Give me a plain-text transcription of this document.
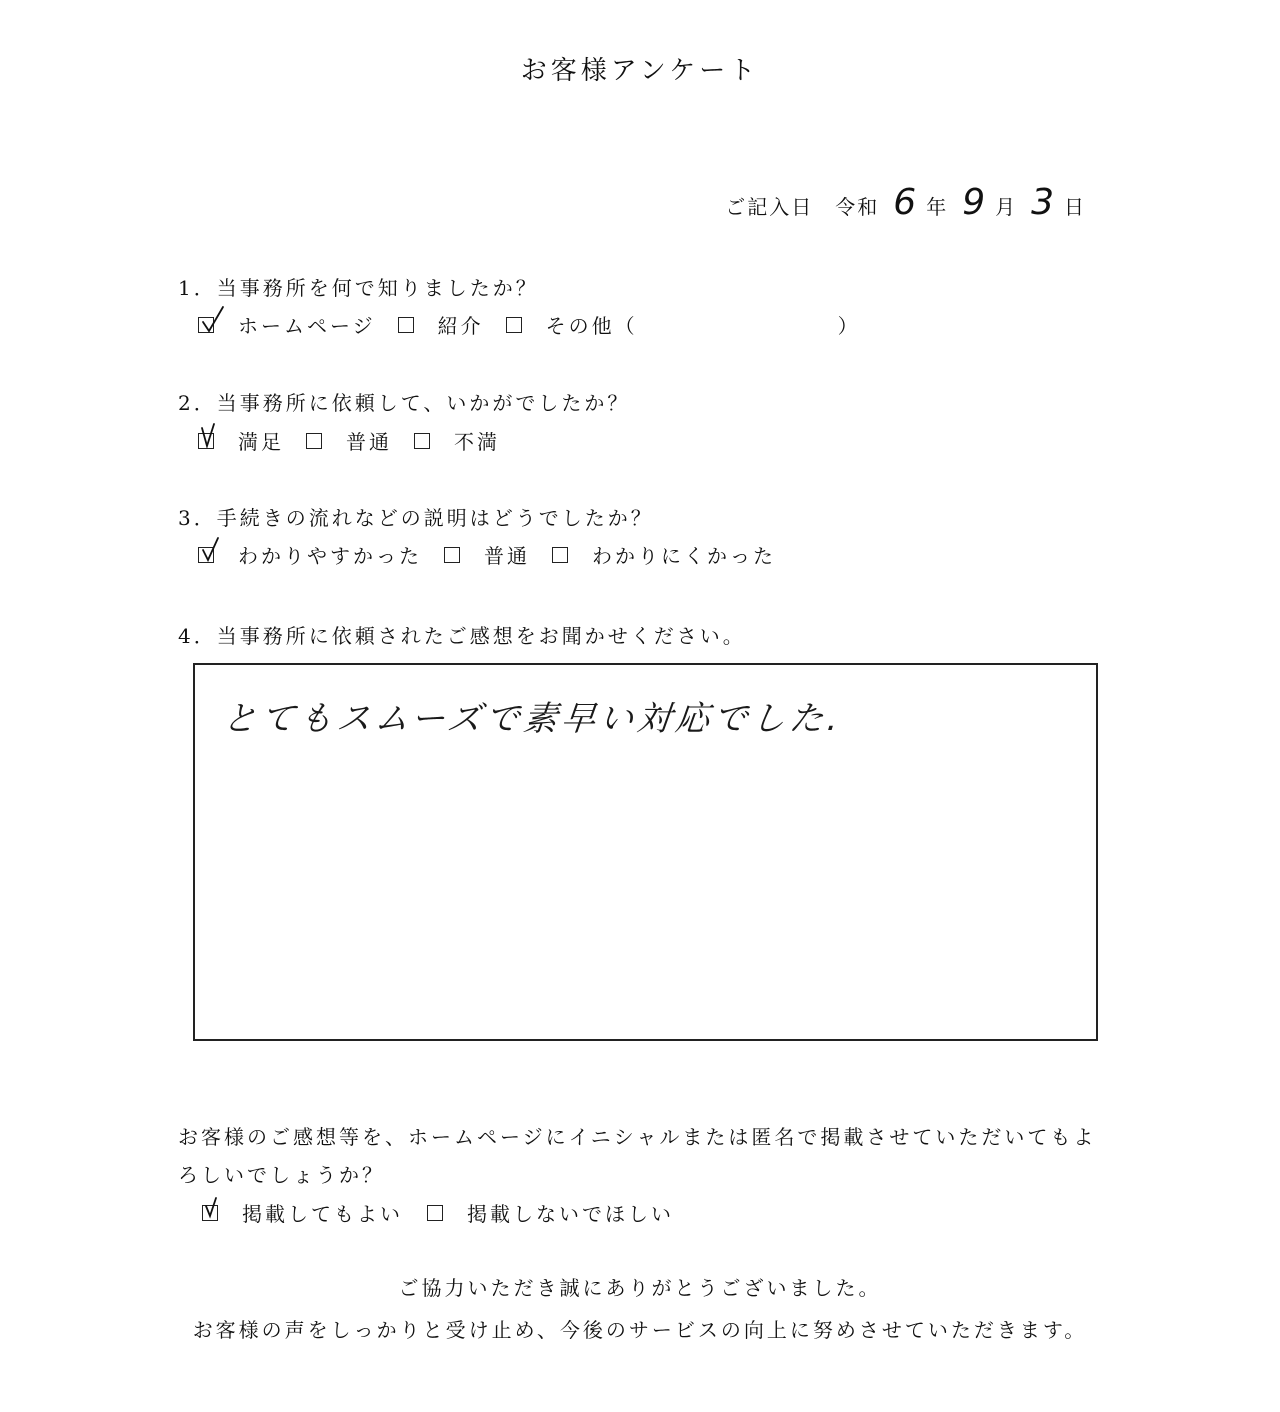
お客様アンケート
ご記入日 令和 6 年 9 月 3 日
1．当事務所を何で知りましたか？
ホームページ	紹介	その他（	）
2．当事務所に依頼して、いかがでしたか？
満足	普通	不満
3．手続きの流れなどの説明はどうでしたか？
わかりやすかった	普通	わかりにくかった
4．当事務所に依頼されたご感想をお聞かせください。
とてもスムーズで素早い対応でした.
お客様のご感想等を、ホームページにイニシャルまたは匿名で掲載させていただいてもよろしいでしょうか？
掲載してもよい	掲載しないでほしい
ご協力いただき誠にありがとうございました。
お客様の声をしっかりと受け止め、今後のサービスの向上に努めさせていただきます。
